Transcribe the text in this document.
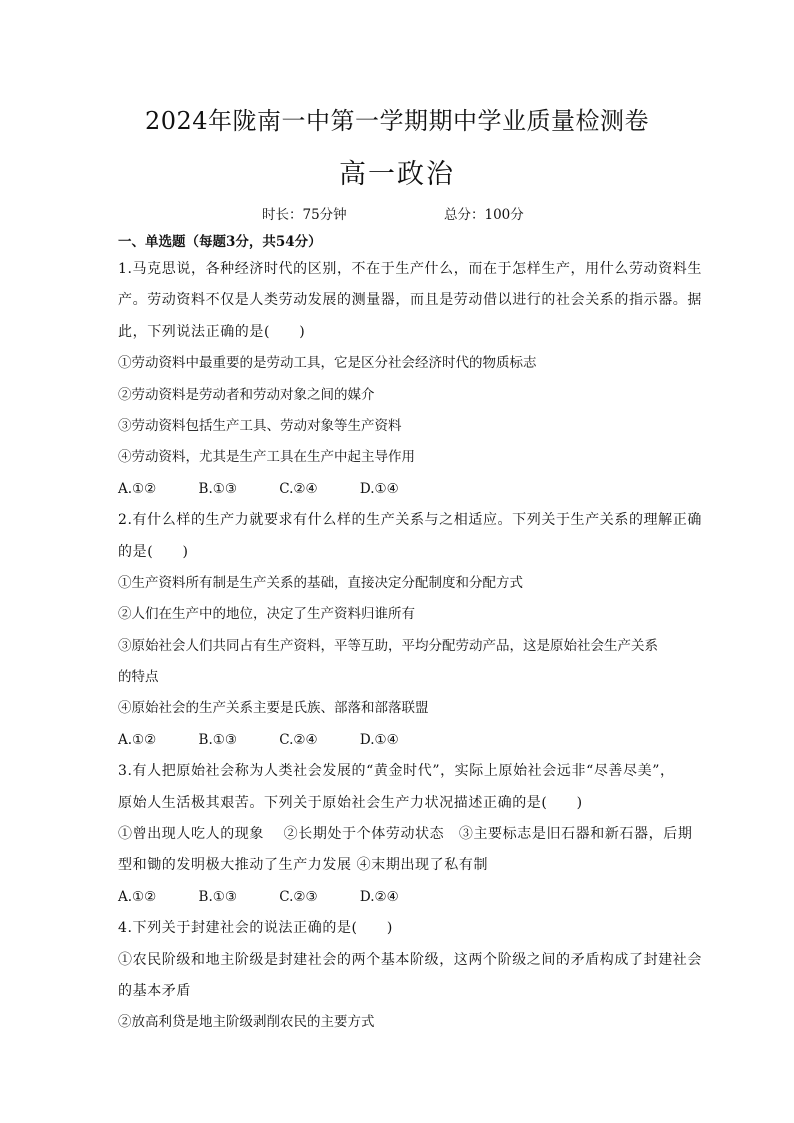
2024年陇南一中第一学期期中学业质量检测卷
高一政治
时长：75分钟	总分：100分
一、单选题（每题3分，共54分）
1.马克思说，各种经济时代的区别，不在于生产什么，而在于怎样生产，用什么劳动资料生
产。劳动资料不仅是人类劳动发展的测量器，而且是劳动借以进行的社会关系的指示器。据
此，下列说法正确的是(　　)
①劳动资料中最重要的是劳动工具，它是区分社会经济时代的物质标志
②劳动资料是劳动者和劳动对象之间的媒介
③劳动资料包括生产工具、劳动对象等生产资料
④劳动资料，尤其是生产工具在生产中起主导作用
A.①②	B.①③	C.②④	D.①④
2.有什么样的生产力就要求有什么样的生产关系与之相适应。下列关于生产关系的理解正确
的是(　　)
①生产资料所有制是生产关系的基础，直接决定分配制度和分配方式
②人们在生产中的地位，决定了生产资料归谁所有
③原始社会人们共同占有生产资料，平等互助，平均分配劳动产品，这是原始社会生产关系
的特点
④原始社会的生产关系主要是氏族、部落和部落联盟
A.①②	B.①③	C.②④	D.①④
3.有人把原始社会称为人类社会发展的“黄金时代”，实际上原始社会远非“尽善尽美”，
原始人生活极其艰苦。下列关于原始社会生产力状况描述正确的是(　　)
①曾出现人吃人的现象　 ②长期处于个体劳动状态　③主要标志是旧石器和新石器，后期
型和锄的发明极大推动了生产力发展 ④末期出现了私有制
A.①②	B.①③	C.②③	D.②④
4.下列关于封建社会的说法正确的是(　　)
①农民阶级和地主阶级是封建社会的两个基本阶级，这两个阶级之间的矛盾构成了封建社会
的基本矛盾
②放高利贷是地主阶级剥削农民的主要方式
